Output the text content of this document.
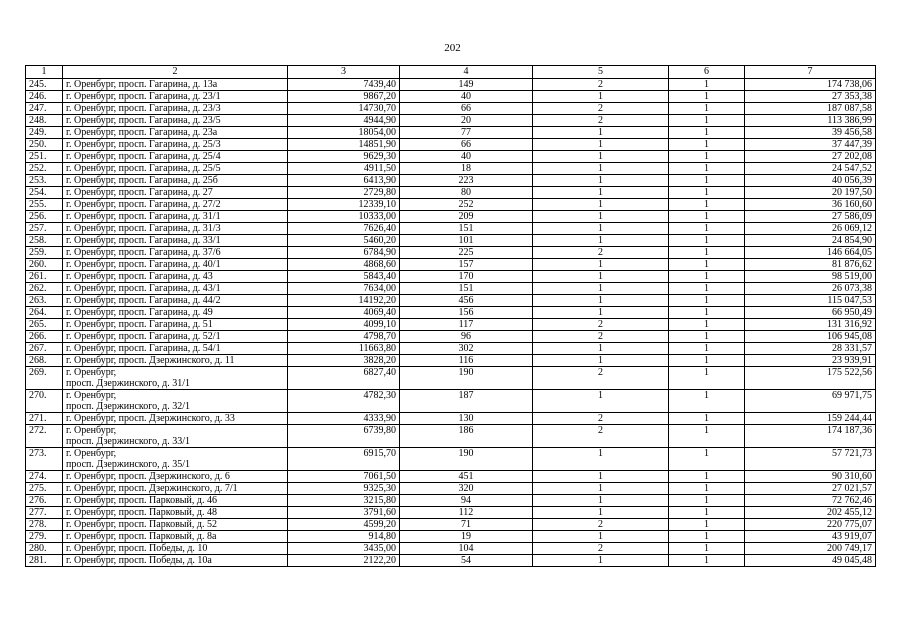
202
1	2	3	4	5	6	7
245.	г. Оренбург, просп. Гагарина, д. 13а	7439,40	149	2	1	174 738,06
246.	г. Оренбург, просп. Гагарина, д. 23/1	9867,20	40	1	1	27 353,38
247.	г. Оренбург, просп. Гагарина, д. 23/3	14730,70	66	2	1	187 087,58
248.	г. Оренбург, просп. Гагарина, д. 23/5	4944,90	20	2	1	113 386,99
249.	г. Оренбург, просп. Гагарина, д. 23а	18054,00	77	1	1	39 456,58
250.	г. Оренбург, просп. Гагарина, д. 25/3	14851,90	66	1	1	37 447,39
251.	г. Оренбург, просп. Гагарина, д. 25/4	9629,30	40	1	1	27 202,08
252.	г. Оренбург, просп. Гагарина, д. 25/5	4911,50	18	1	1	24 547,52
253.	г. Оренбург, просп. Гагарина, д. 25б	6413,90	223	1	1	40 056,39
254.	г. Оренбург, просп. Гагарина, д. 27	2729,80	80	1	1	20 197,50
255.	г. Оренбург, просп. Гагарина, д. 27/2	12339,10	252	1	1	36 160,60
256.	г. Оренбург, просп. Гагарина, д. 31/1	10333,00	209	1	1	27 586,09
257.	г. Оренбург, просп. Гагарина, д. 31/3	7626,40	151	1	1	26 069,12
258.	г. Оренбург, просп. Гагарина, д. 33/1	5460,20	101	1	1	24 854,90
259.	г. Оренбург, просп. Гагарина, д. 37/6	6784,90	225	2	1	146 664,05
260.	г. Оренбург, просп. Гагарина, д. 40/1	4868,60	157	1	1	81 876,62
261.	г. Оренбург, просп. Гагарина, д. 43	5843,40	170	1	1	98 519,00
262.	г. Оренбург, просп. Гагарина, д. 43/1	7634,00	151	1	1	26 073,38
263.	г. Оренбург, просп. Гагарина, д. 44/2	14192,20	456	1	1	115 047,53
264.	г. Оренбург, просп. Гагарина, д. 49	4069,40	156	1	1	66 950,49
265.	г. Оренбург, просп. Гагарина, д. 51	4099,10	117	2	1	131 316,92
266.	г. Оренбург, просп. Гагарина, д. 52/1	4798,70	96	2	1	106 945,08
267.	г. Оренбург, просп. Гагарина, д. 54/1	11663,80	302	1	1	28 331,57
268.	г. Оренбург, просп. Дзержинского, д. 11	3828,20	116	1	1	23 939,91
269.	г. Оренбург,
просп. Дзержинского, д. 31/1	6827,40	190	2	1	175 522,56
270.	г. Оренбург,
просп. Дзержинского, д. 32/1	4782,30	187	1	1	69 971,75
271.	г. Оренбург, просп. Дзержинского, д. 33	4333,90	130	2	1	159 244,44
272.	г. Оренбург,
просп. Дзержинского, д. 33/1	6739,80	186	2	1	174 187,36
273.	г. Оренбург,
просп. Дзержинского, д. 35/1	6915,70	190	1	1	57 721,73
274.	г. Оренбург, просп. Дзержинского, д. 6	7061,50	451	1	1	90 310,60
275.	г. Оренбург, просп. Дзержинского, д. 7/1	9325,30	320	1	1	27 021,57
276.	г. Оренбург, просп. Парковый, д. 46	3215,80	94	1	1	72 762,46
277.	г. Оренбург, просп. Парковый, д. 48	3791,60	112	1	1	202 455,12
278.	г. Оренбург, просп. Парковый, д. 52	4599,20	71	2	1	220 775,07
279.	г. Оренбург, просп. Парковый, д. 8а	914,80	19	1	1	43 919,07
280.	г. Оренбург, просп. Победы, д. 10	3435,00	104	2	1	200 749,17
281.	г. Оренбург, просп. Победы, д. 10а	2122,20	54	1	1	49 045,48
